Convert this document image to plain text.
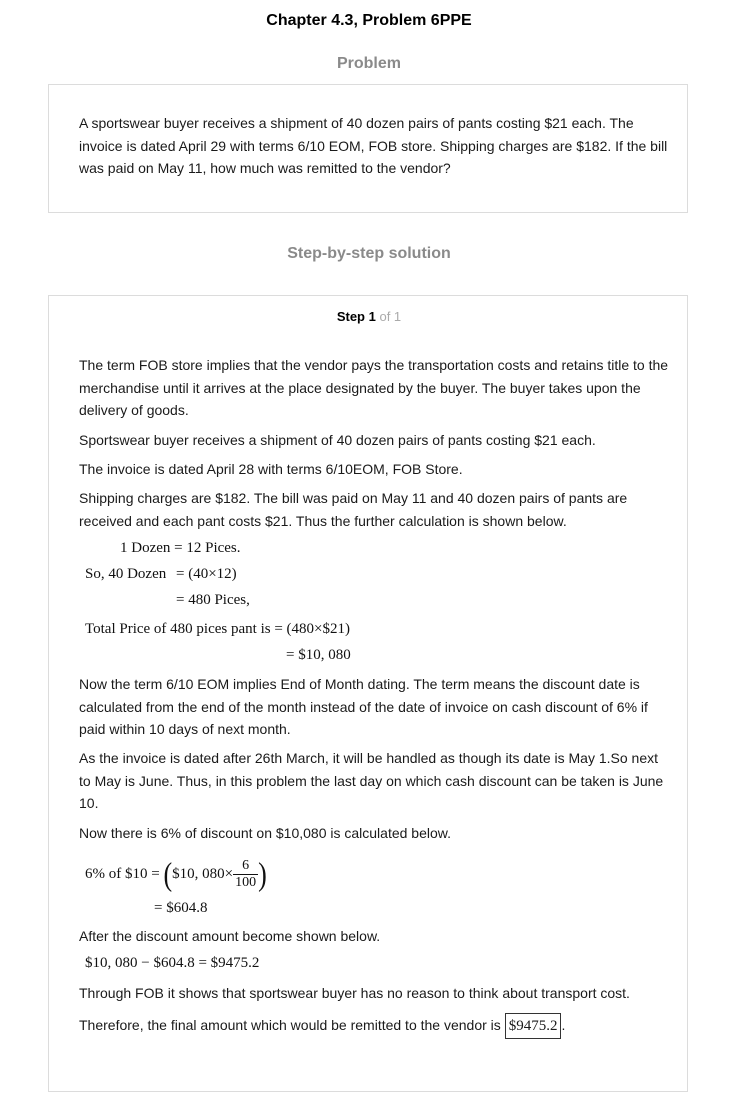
Chapter 4.3, Problem 6PPE
Problem
A sportswear buyer receives a shipment of 40 dozen pairs of pants costing $21 each. The invoice is dated April 29 with terms 6/10 EOM, FOB store. Shipping charges are $182. If the bill was paid on May 11, how much was remitted to the vendor?
Step-by-step solution
Step 1 of 1
The term FOB store implies that the vendor pays the transportation costs and retains title to the merchandise until it arrives at the place designated by the buyer. The buyer takes upon the delivery of goods.
Sportswear buyer receives a shipment of 40 dozen pairs of pants costing $21 each.
The invoice is dated April 28 with terms 6/10EOM, FOB Store.
Shipping charges are $182. The bill was paid on May 11 and 40 dozen pairs of pants are received and each pant costs $21. Thus the further calculation is shown below.
1 Dozen = 12 Pices.
So, 40 Dozen = (40×12)
= 480 Pices,
Total Price of 480 pices pant is = (480×$21)
= $10, 080
Now the term 6/10 EOM implies End of Month dating. The term means the discount date is calculated from the end of the month instead of the date of invoice on cash discount of 6% if paid within 10 days of next month.
As the invoice is dated after 26th March, it will be handled as though its date is May 1.So next to May is June. Thus, in this problem the last day on which cash discount can be taken is June 10.
Now there is 6% of discount on $10,080 is calculated below.
6% of $10 = ($10, $080\times \frac{6}{100}$ )
= $604.8
After the discount amount become shown below.
$10, 080 − $604.8 = $9475.2
Through FOB it shows that sportswear buyer has no reason to think about transport cost.
Therefore, the final amount which would be remitted to the vendor is $9475.2 .
